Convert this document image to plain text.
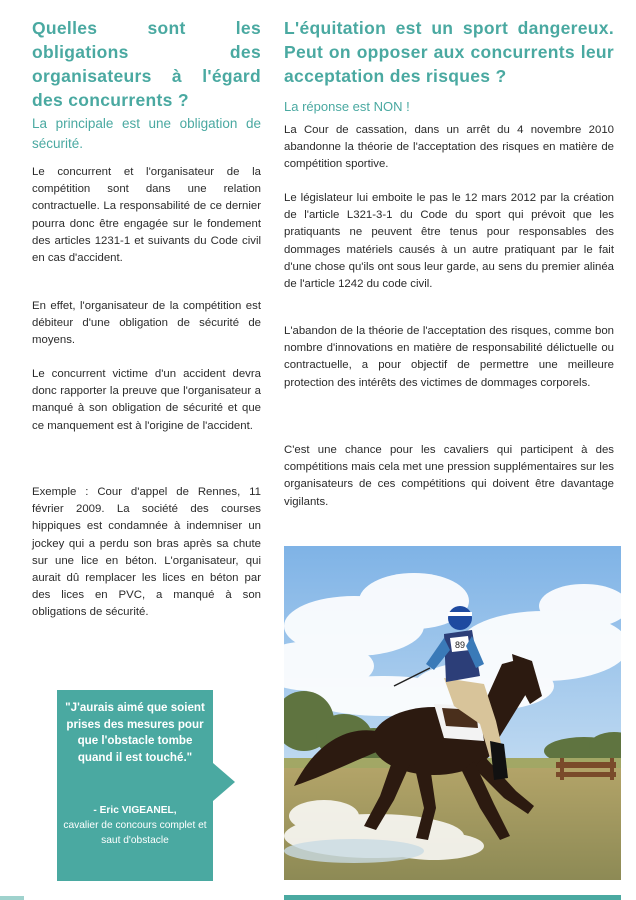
Quelles sont les obligations des organisateurs à l'égard des concurrents ?

La principale est une obligation de sécurité.

Le concurrent et l'organisateur de la compétition sont dans une relation contractuelle. La responsabilité de ce dernier pourra donc être engagée sur le fondement des articles 1231-1 et suivants du Code civil en cas d'accident.

En effet, l'organisateur de la compétition est débiteur d'une obligation de sécurité de moyens.

Le concurrent victime d'un accident devra donc rapporter la preuve que l'organisateur a manqué à son obligation de sécurité et que ce manquement est à l'origine de l'accident.

Exemple : Cour d'appel de Rennes, 11 février 2009. La société des courses hippiques est condamnée à indemniser un jockey qui a perdu son bras après sa chute sur une lice en béton. L'organisateur, qui aurait dû remplacer les lices en béton par des lices en PVC, a manqué à son obligations de sécurité.

"J'aurais aimé que soient prises des mesures pour que l'obstacle tombe quand il est touché."

- Eric VIGEANEL,
cavalier de concours complet et
saut d'obstacle

L'équitation est un sport dangereux. Peut on opposer aux concurrents leur acceptation des risques ?

La réponse est NON !

La Cour de cassation, dans un arrêt du 4 novembre 2010 abandonne la théorie de l'acceptation des risques en matière de compétition sportive.

Le législateur lui emboite le pas le 12 mars 2012 par la création de l'article L321-3-1 du Code du sport qui prévoit que les pratiquants ne peuvent être tenus pour responsables des dommages matériels causés à un autre pratiquant par le fait d'une chose qu'ils ont sous leur garde, au sens du premier alinéa de l'article 1242 du code civil.

L'abandon de la théorie de l'acceptation des risques, comme bon nombre d'innovations en matière de responsabilité délictuelle ou contractuelle, a pour objectif de permettre une meilleure protection des intérêts des victimes de dommages corporels.

C'est une chance pour les cavaliers qui participent à des compétitions mais cela met une pression supplémentaires sur les organisateurs de ces compétitions qui doivent être davantage vigilants.

89
